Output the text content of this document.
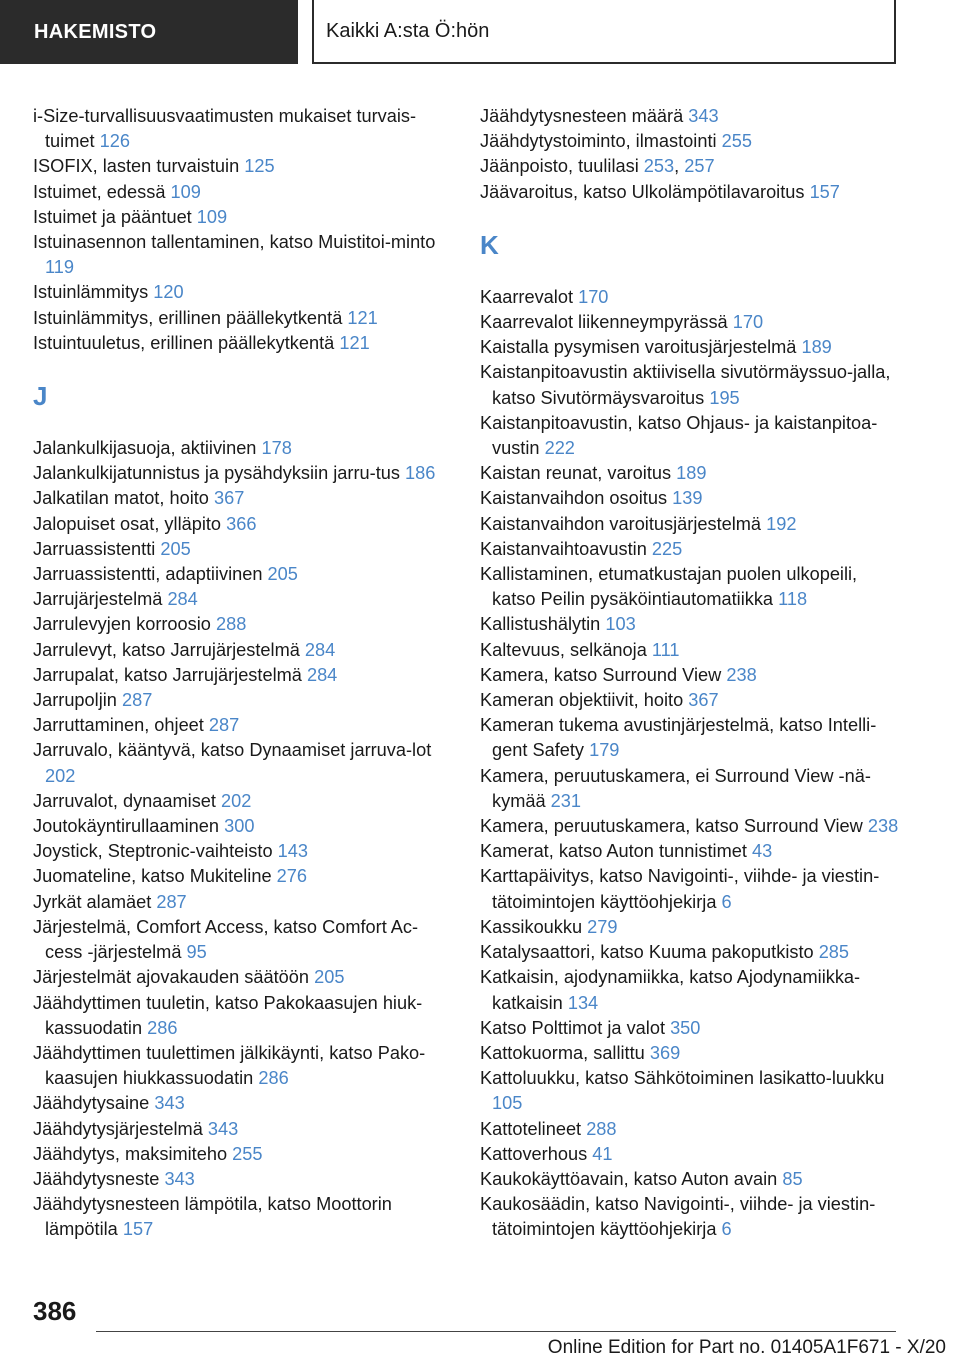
HAKEMISTO	Kaikki A:sta Ö:hön
i-Size-turvallisuusvaatimusten mukaiset turvais-tuimet 126
ISOFIX, lasten turvaistuin 125
Istuimet, edessä 109
Istuimet ja pääntuet 109
Istuinasennon tallentaminen, katso Muistitoi-minto 119
Istuinlämmitys 120
Istuinlämmitys, erillinen päällekytkentä 121
Istuintuuletus, erillinen päällekytkentä 121
J
Jalankulkijasuoja, aktiivinen 178
Jalankulkijatunnistus ja pysähdyksiin jarru-tus 186
Jalkatilan matot, hoito 367
Jalopuiset osat, ylläpito 366
Jarruassistentti 205
Jarruassistentti, adaptiivinen 205
Jarrujärjestelmä 284
Jarrulevyjen korroosio 288
Jarrulevyt, katso Jarrujärjestelmä 284
Jarrupalat, katso Jarrujärjestelmä 284
Jarrupoljin 287
Jarruttaminen, ohjeet 287
Jarruvalo, kääntyvä, katso Dynaamiset jarruva-lot 202
Jarruvalot, dynaamiset 202
Joutokäyntirullaaminen 300
Joystick, Steptronic-vaihteisto 143
Juomateline, katso Mukiteline 276
Jyrkät alamäet 287
Järjestelmä, Comfort Access, katso Comfort Ac-cess -järjestelmä 95
Järjestelmät ajovakauden säätöön 205
Jäähdyttimen tuuletin, katso Pakokaasujen hiuk-kassuodatin 286
Jäähdyttimen tuulettimen jälkikäynti, katso Pako-kaasujen hiukkassuodatin 286
Jäähdytysaine 343
Jäähdytysjärjestelmä 343
Jäähdytys, maksimiteho 255
Jäähdytysneste 343
Jäähdytysnesteen lämpötila, katso Moottorin lämpötila 157
Jäähdytysnesteen määrä 343
Jäähdytystoiminto, ilmastointi 255
Jäänpoisto, tuulilasi 253, 257
Jäävaroitus, katso Ulkolämpötilavaroitus 157
K
Kaarrevalot 170
Kaarrevalot liikenneympyrässä 170
Kaistalla pysymisen varoitusjärjestelmä 189
Kaistanpitoavustin aktiivisella sivutörmäyssuo-jalla, katso Sivutörmäysvaroitus 195
Kaistanpitoavustin, katso Ohjaus- ja kaistanpitoa-vustin 222
Kaistan reunat, varoitus 189
Kaistanvaihdon osoitus 139
Kaistanvaihdon varoitusjärjestelmä 192
Kaistanvaihtoavustin 225
Kallistaminen, etumatkustajan puolen ulkopeili, katso Peilin pysäköintiautomatiikka 118
Kallistushälytin 103
Kaltevuus, selkänoja 111
Kamera, katso Surround View 238
Kameran objektiivit, hoito 367
Kameran tukema avustinjärjestelmä, katso Intelli-gent Safety 179
Kamera, peruutuskamera, ei Surround View -nä-kymää 231
Kamera, peruutuskamera, katso Surround View 238
Kamerat, katso Auton tunnistimet 43
Karttapäivitys, katso Navigointi-, viihde- ja viestin-tätoimintojen käyttöohjekirja 6
Kassikoukku 279
Katalysaattori, katso Kuuma pakoputkisto 285
Katkaisin, ajodynamiikka, katso Ajodynamiikka-katkaisin 134
Katso Polttimot ja valot 350
Kattokuorma, sallittu 369
Kattoluukku, katso Sähkötoiminen lasikatto-luukku 105
Kattotelineet 288
Kattoverhous 41
Kaukokäyttöavain, katso Auton avain 85
Kaukosäädin, katso Navigointi-, viihde- ja viestin-tätoimintojen käyttöohjekirja 6
386
Online Edition for Part no. 01405A1F671 - X/20
